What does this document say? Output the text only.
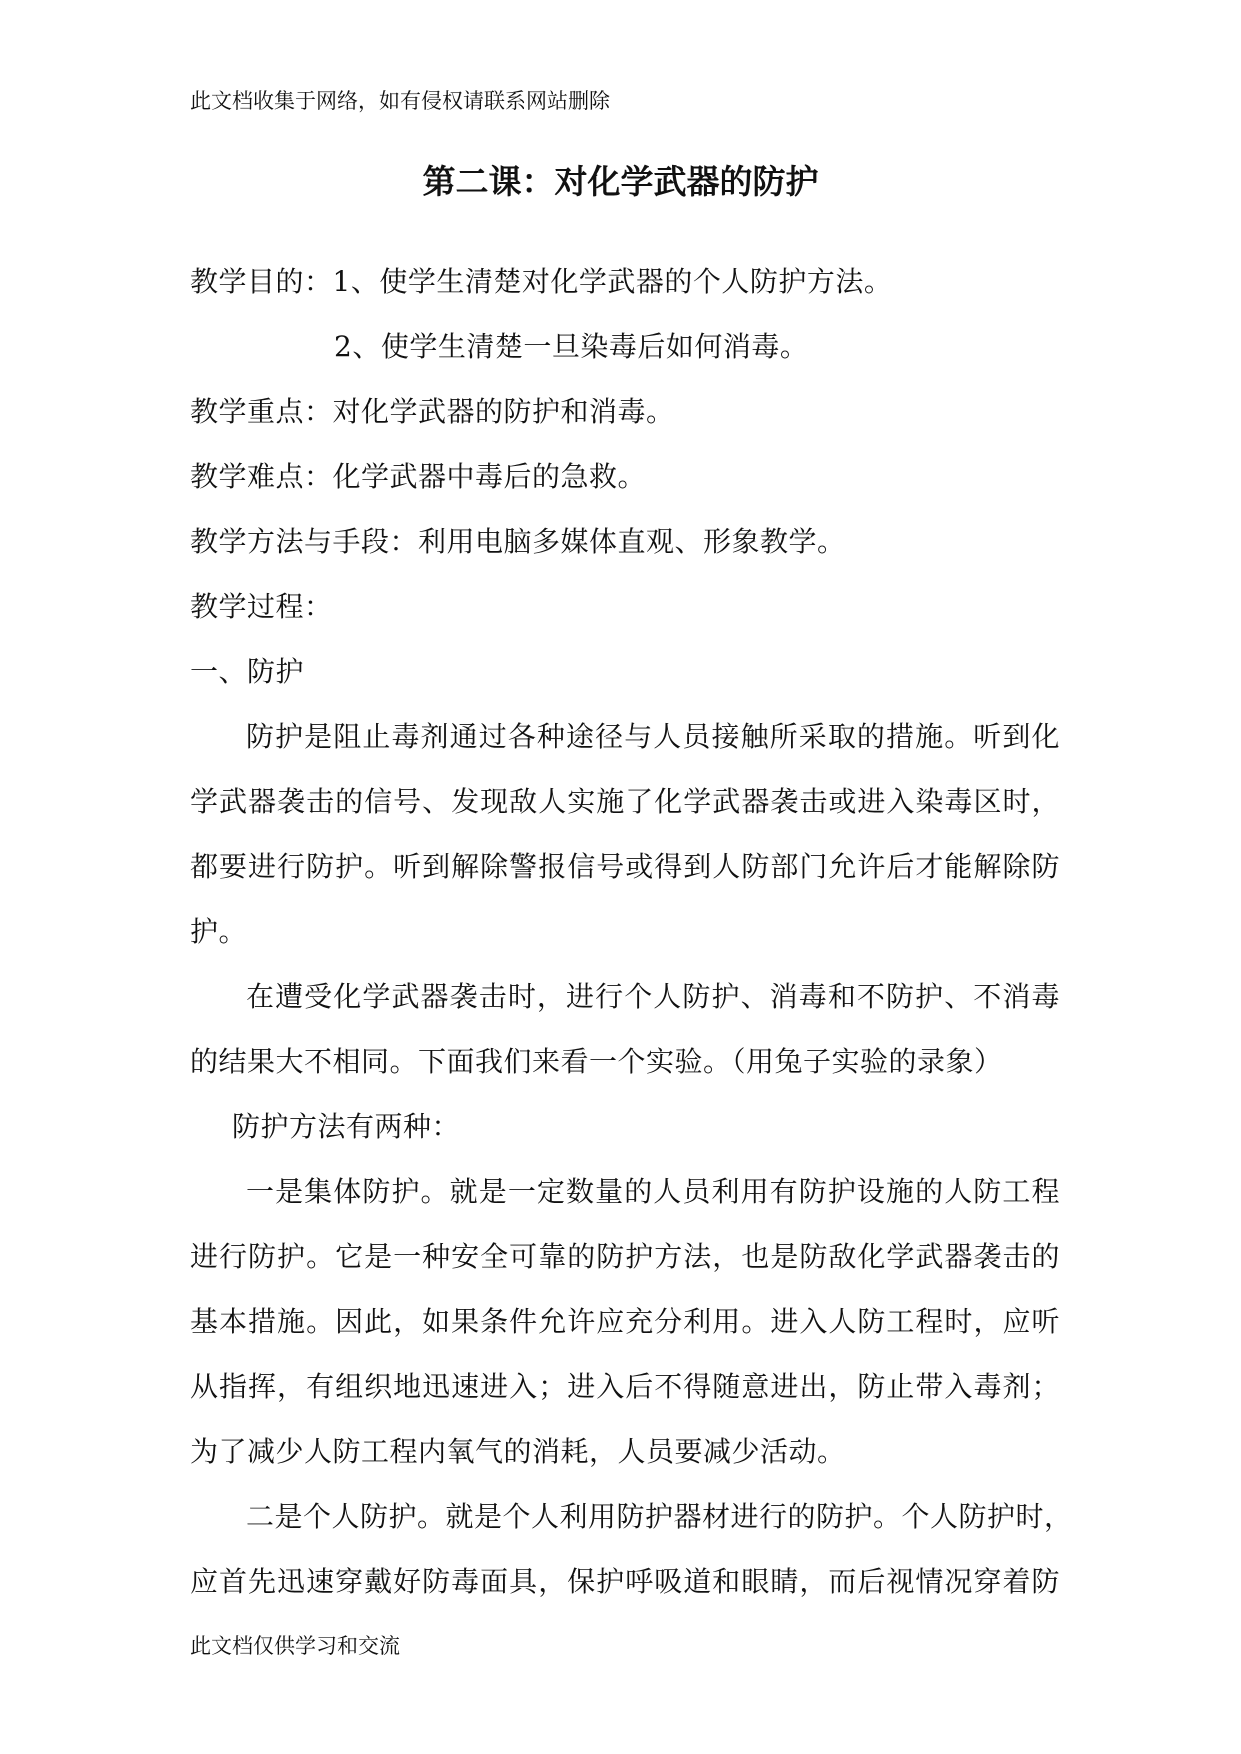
此文档收集于网络，如有侵权请联系网站删除
第二课：对化学武器的防护
教学目的：1、使学生清楚对化学武器的个人防护方法。
2、使学生清楚一旦染毒后如何消毒。
教学重点：对化学武器的防护和消毒。
教学难点：化学武器中毒后的急救。
教学方法与手段：利用电脑多媒体直观、形象教学。
教学过程：
一、防护
防护是阻止毒剂通过各种途径与人员接触所采取的措施。听到化
学武器袭击的信号、发现敌人实施了化学武器袭击或进入染毒区时，
都要进行防护。听到解除警报信号或得到人防部门允许后才能解除防
护。
在遭受化学武器袭击时，进行个人防护、消毒和不防护、不消毒
的结果大不相同。下面我们来看一个实验。（用兔子实验的录象）
防护方法有两种：
一是集体防护。就是一定数量的人员利用有防护设施的人防工程
进行防护。它是一种安全可靠的防护方法，也是防敌化学武器袭击的
基本措施。因此，如果条件允许应充分利用。进入人防工程时，应听
从指挥，有组织地迅速进入；进入后不得随意进出，防止带入毒剂；
为了减少人防工程内氧气的消耗，人员要减少活动。
二是个人防护。就是个人利用防护器材进行的防护。个人防护时，
应首先迅速穿戴好防毒面具，保护呼吸道和眼睛，而后视情况穿着防
此文档仅供学习和交流
